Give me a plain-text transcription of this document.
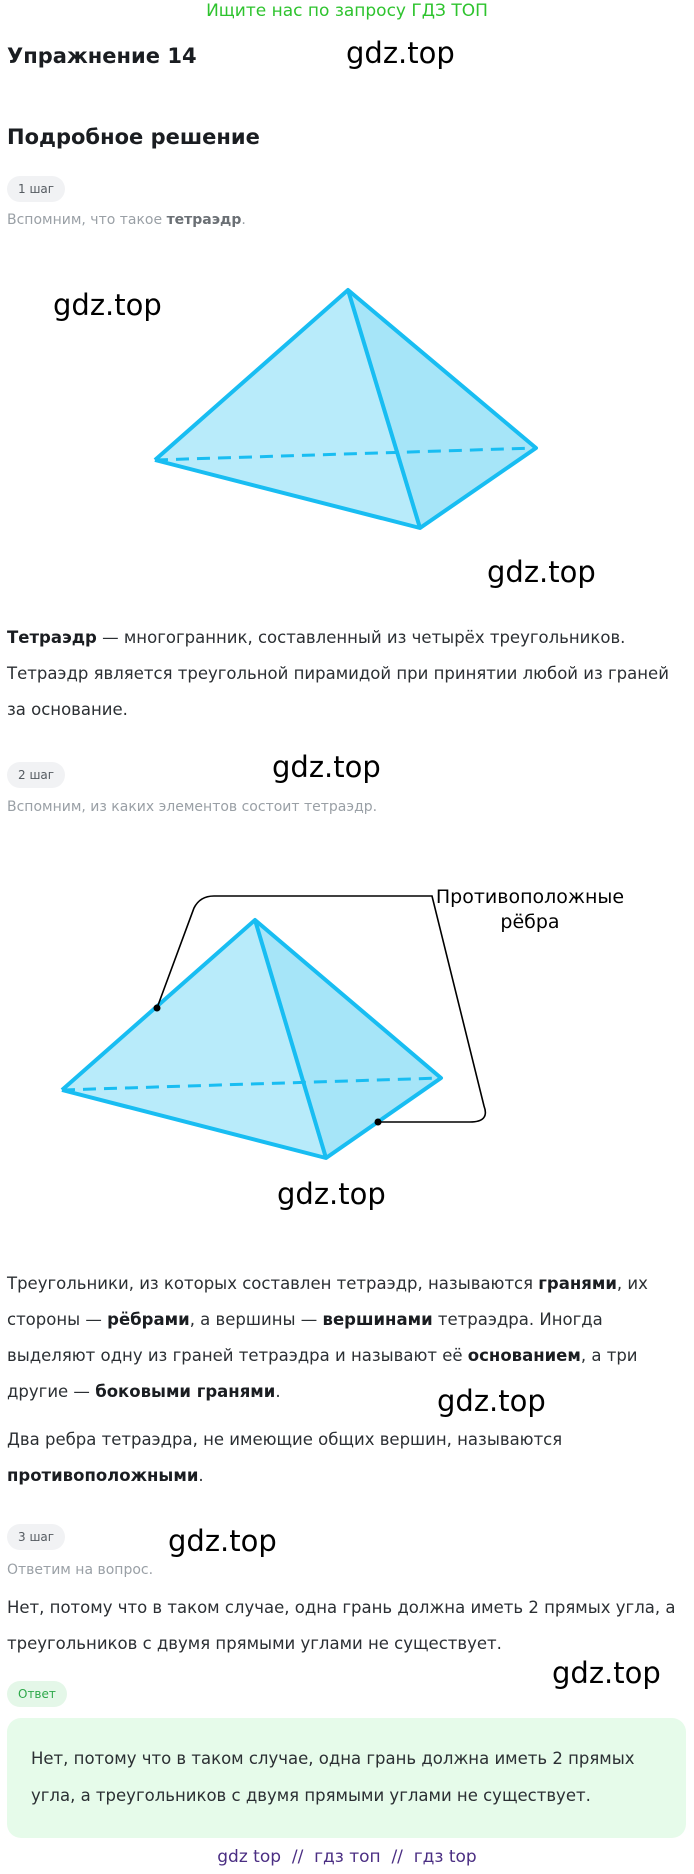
Ищите нас по запросу ГДЗ ТОП
Упражнение 14	gdz.top
Подробное решение
1 шаг
Вспомним, что такое тетраэдр.
gdz.top
gdz.top
Тетраэдр — многогранник, составленный из четырёх треугольников. Тетраэдр является треугольной пирамидой при принятии любой из граней за основание.
2 шаг	gdz.top
Вспомним, из каких элементов состоит тетраэдр.
Противоположные
рёбра
gdz.top
Треугольники, из которых составлен тетраэдр, называются гранями, их стороны — рёбрами, а вершины — вершинами тетраэдра. Иногда выделяют одну из граней тетраэдра и называют её основанием, а три другие — боковыми гранями.	gdz.top
Два ребра тетраэдра, не имеющие общих вершин, называются противоположными.
3 шаг	gdz.top
Ответим на вопрос.
Нет, потому что в таком случае, одна грань должна иметь 2 прямых угла, а треугольников с двумя прямыми углами не существует.
gdz.top
Ответ
Нет, потому что в таком случае, одна грань должна иметь 2 прямых угла, а треугольников с двумя прямыми углами не существует.
gdz top  //  гдз топ  //  гдз top
